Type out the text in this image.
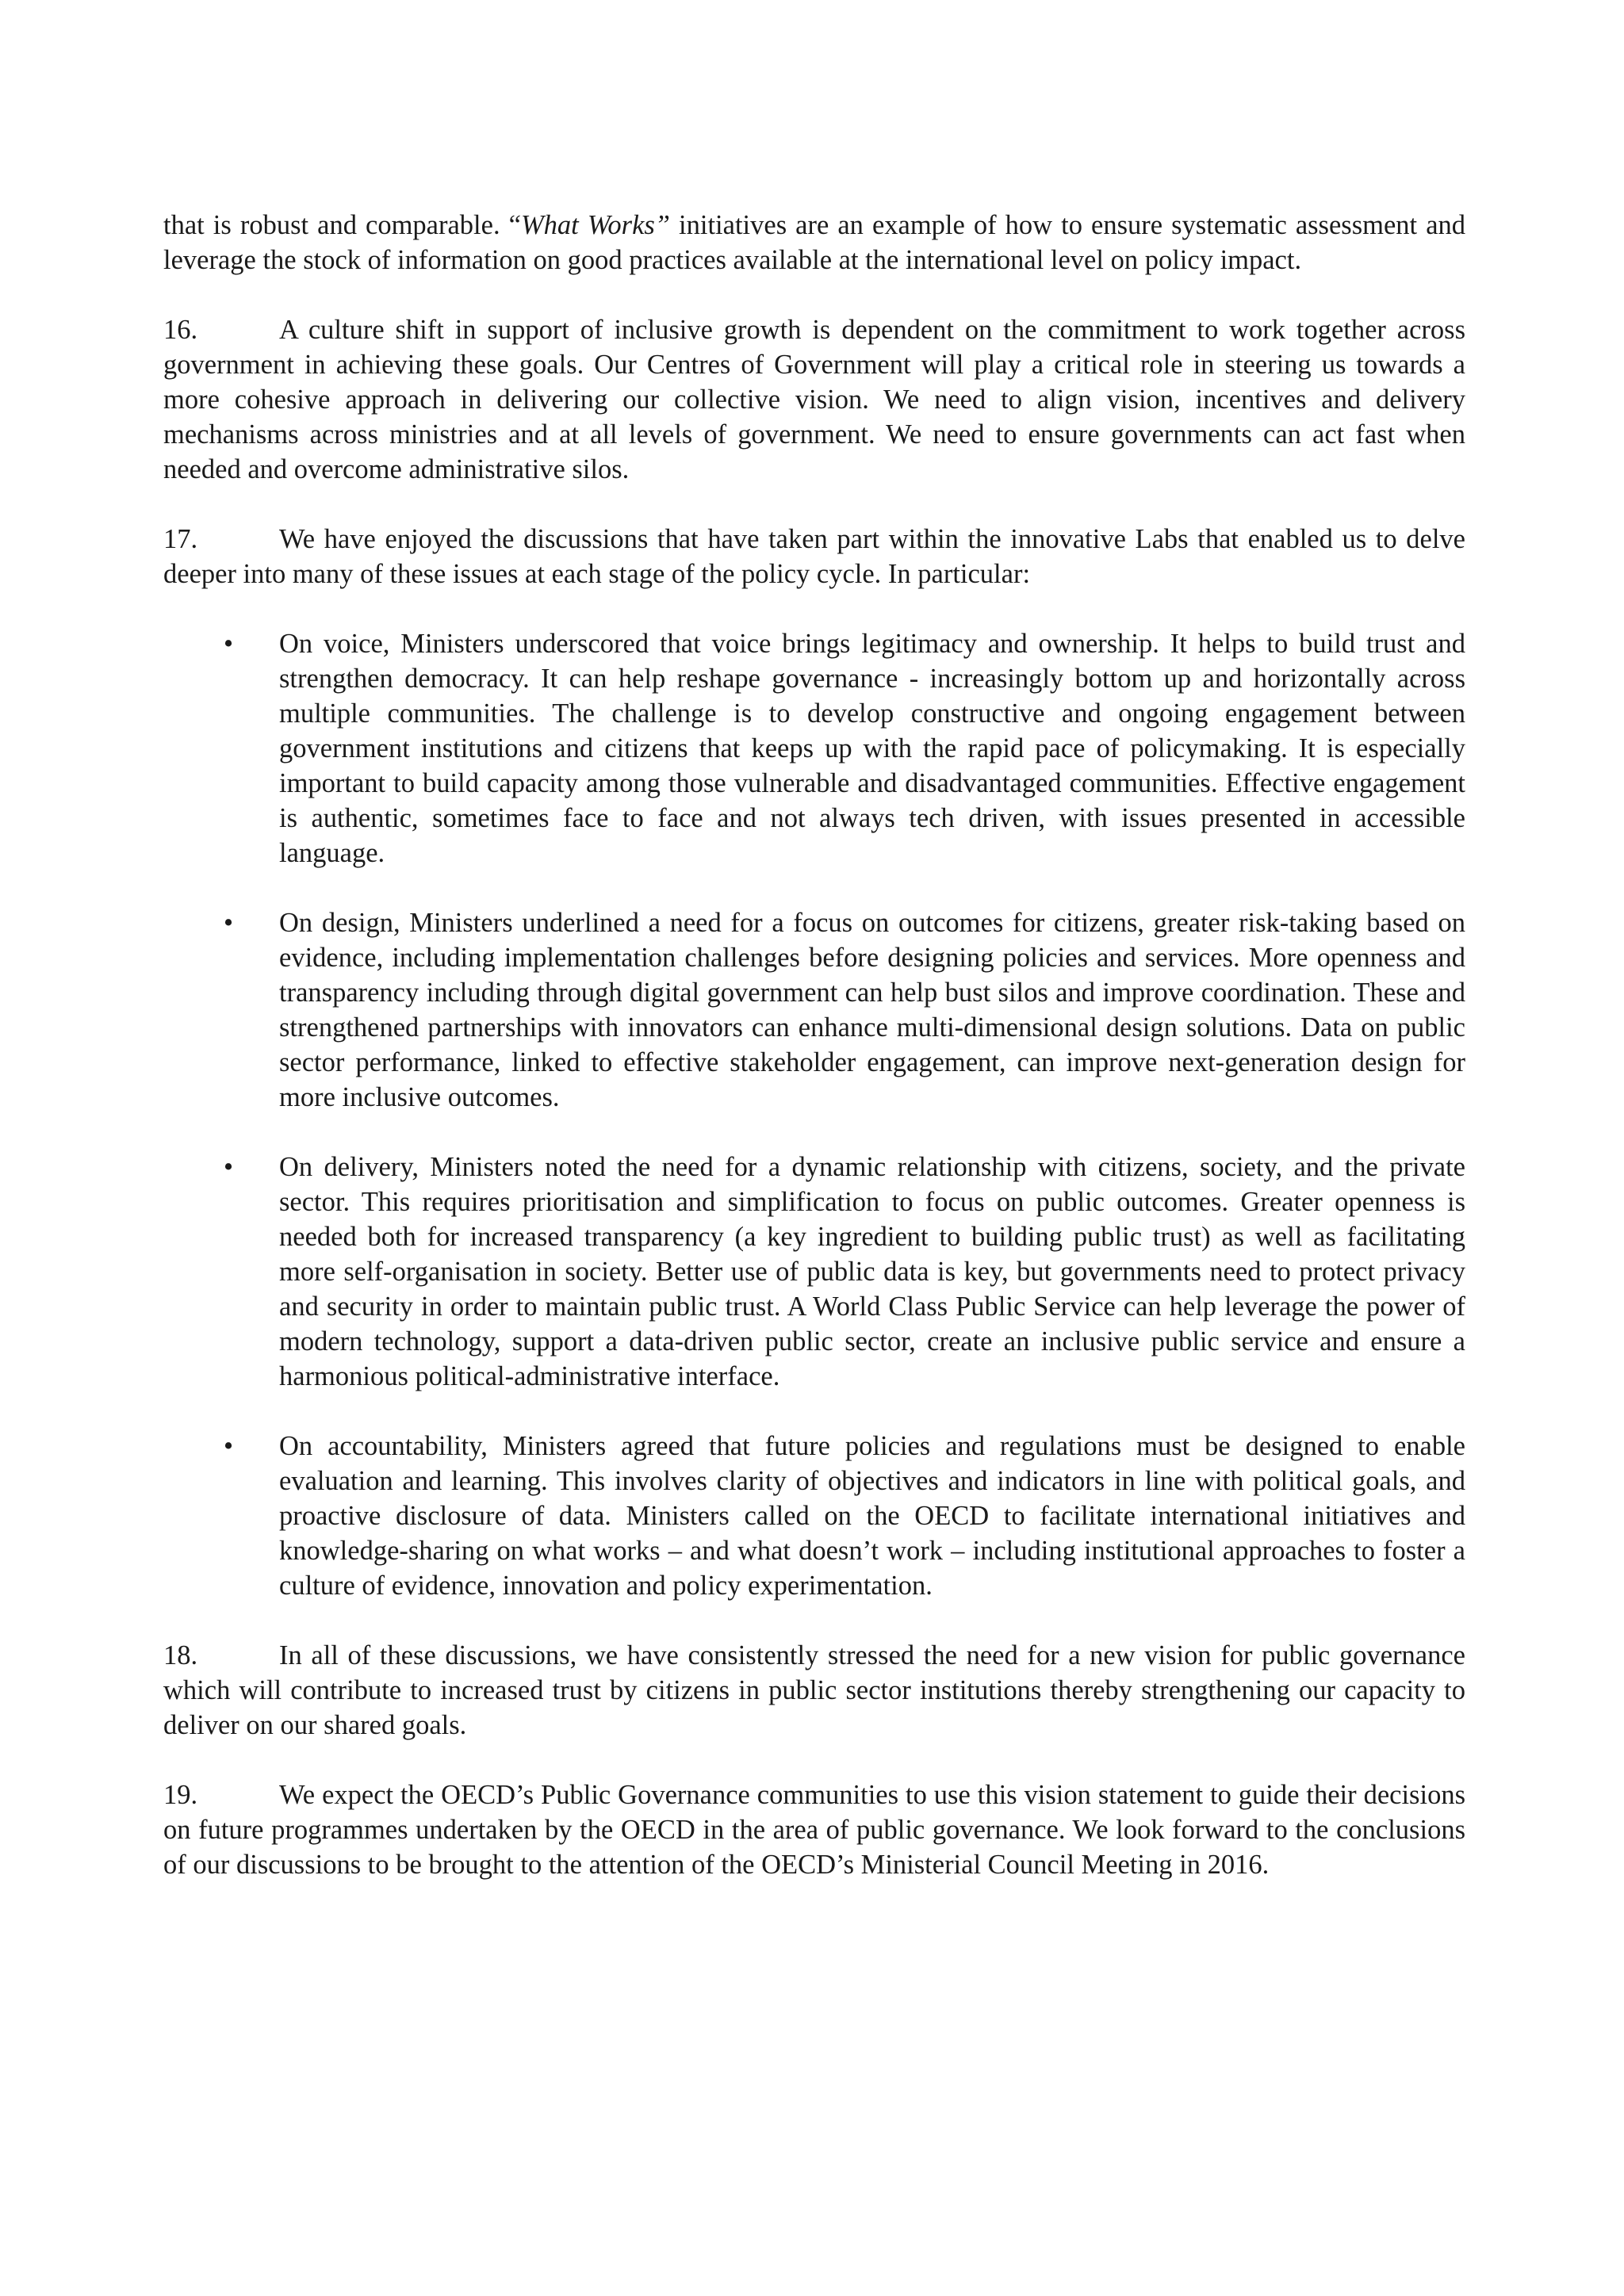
that is robust and comparable. “What Works” initiatives are an example of how to ensure systematic assessment and leverage the stock of information on good practices available at the international level on policy impact.

16.	A culture shift in support of inclusive growth is dependent on the commitment to work together across government in achieving these goals. Our Centres of Government will play a critical role in steering us towards a more cohesive approach in delivering our collective vision. We need to align vision, incentives and delivery mechanisms across ministries and at all levels of government. We need to ensure governments can act fast when needed and overcome administrative silos.

17.	We have enjoyed the discussions that have taken part within the innovative Labs that enabled us to delve deeper into many of these issues at each stage of the policy cycle. In particular:

• On voice, Ministers underscored that voice brings legitimacy and ownership. It helps to build trust and strengthen democracy. It can help reshape governance - increasingly bottom up and horizontally across multiple communities. The challenge is to develop constructive and ongoing engagement between government institutions and citizens that keeps up with the rapid pace of policymaking. It is especially important to build capacity among those vulnerable and disadvantaged communities. Effective engagement is authentic, sometimes face to face and not always tech driven, with issues presented in accessible language.
• On design, Ministers underlined a need for a focus on outcomes for citizens, greater risk-taking based on evidence, including implementation challenges before designing policies and services. More openness and transparency including through digital government can help bust silos and improve coordination. These and strengthened partnerships with innovators can enhance multi-dimensional design solutions. Data on public sector performance, linked to effective stakeholder engagement, can improve next-generation design for more inclusive outcomes.
• On delivery, Ministers noted the need for a dynamic relationship with citizens, society, and the private sector. This requires prioritisation and simplification to focus on public outcomes. Greater openness is needed both for increased transparency (a key ingredient to building public trust) as well as facilitating more self-organisation in society. Better use of public data is key, but governments need to protect privacy and security in order to maintain public trust. A World Class Public Service can help leverage the power of modern technology, support a data-driven public sector, create an inclusive public service and ensure a harmonious political-administrative interface.
• On accountability, Ministers agreed that future policies and regulations must be designed to enable evaluation and learning. This involves clarity of objectives and indicators in line with political goals, and proactive disclosure of data. Ministers called on the OECD to facilitate international initiatives and knowledge-sharing on what works – and what doesn’t work – including institutional approaches to foster a culture of evidence, innovation and policy experimentation.

18.	In all of these discussions, we have consistently stressed the need for a new vision for public governance which will contribute to increased trust by citizens in public sector institutions thereby strengthening our capacity to deliver on our shared goals.

19.	We expect the OECD’s Public Governance communities to use this vision statement to guide their decisions on future programmes undertaken by the OECD in the area of public governance. We look forward to the conclusions of our discussions to be brought to the attention of the OECD’s Ministerial Council Meeting in 2016.
